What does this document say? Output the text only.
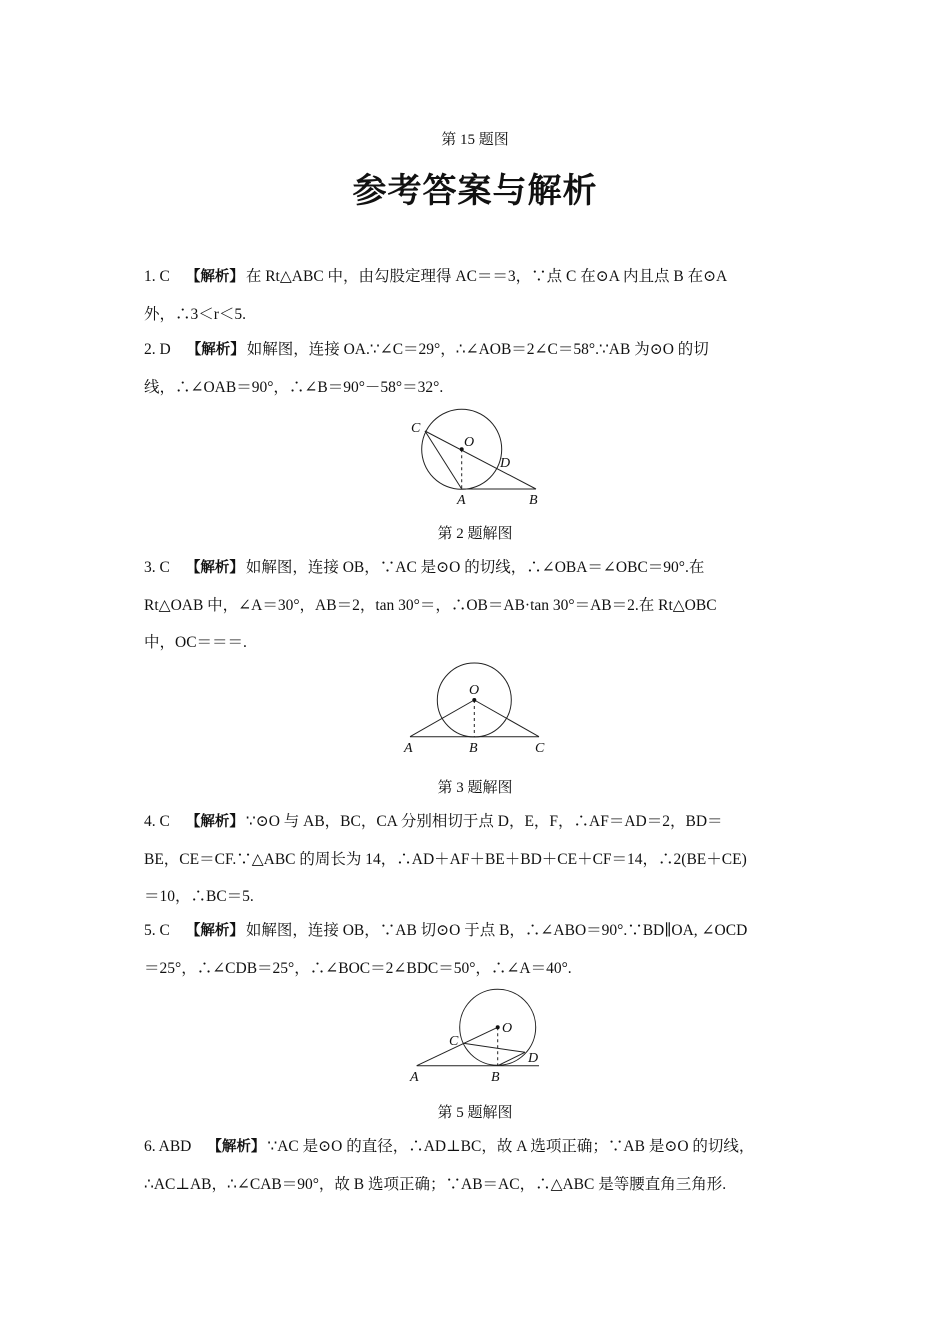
第 15 题图
参考答案与解析
1. C 【解析】 在 Rt△ABC 中，由勾股定理得 AC＝＝3，∵点 C 在⊙A 内且点 B 在⊙A
外，∴3＜r＜5.
2. D 【解析】 如解图，连接 OA.∵∠C＝29°，∴∠AOB＝2∠C＝58°.∵AB 为⊙O 的切
线，∴∠OAB＝90°，∴∠B＝90°－58°＝32°.
C
O
D
A	B
O
A	B	C
O
C
D
A	B
第 2 题解图
3. C 【解析】 如解图，连接 OB，∵AC 是⊙O 的切线，∴∠OBA＝∠OBC＝90°.在
Rt△OAB 中，∠A＝30°，AB＝2，tan 30°＝，∴OB＝AB·tan 30°＝AB＝2.在 Rt△OBC
中，OC＝＝＝.
第 3 题解图
4. C 【解析】 ∵⊙O 与 AB，BC，CA 分别相切于点 D，E，F，∴AF＝AD＝2，BD＝
BE，CE＝CF.∵△ABC 的周长为 14，∴AD＋AF＋BE＋BD＋CE＋CF＝14，∴2(BE＋CE)
＝10，∴BC＝5.
5. C 【解析】 如解图，连接 OB，∵AB 切⊙O 于点 B，∴∠ABO＝90°.∵BD∥OA, ∠OCD
＝25°，∴∠CDB＝25°，∴∠BOC＝2∠BDC＝50°，∴∠A＝40°.
第 5 题解图
6. ABD 【解析】 ∵AC 是⊙O 的直径，∴AD⊥BC，故 A 选项正确；∵AB 是⊙O 的切线，
∴AC⊥AB，∴∠CAB＝90°，故 B 选项正确；∵AB＝AC，∴△ABC 是等腰直角三角形.
